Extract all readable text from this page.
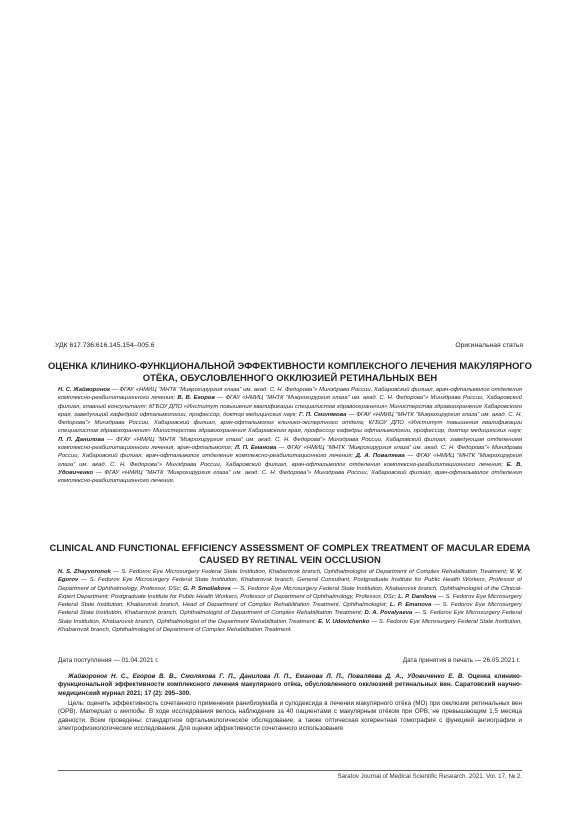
УДК 617.736:616.145.154–005.6	Оригинальная статья
ОЦЕНКА КЛИНИКО-ФУНКЦИОНАЛЬНОЙ ЭФФЕКТИВНОСТИ КОМПЛЕКСНОГО ЛЕЧЕНИЯ МАКУЛЯРНОГО ОТЁКА, ОБУСЛОВЛЕННОГО ОККЛЮЗИЕЙ РЕТИНАЛЬНЫХ ВЕН
Н. С. Жайворонок — ФГАУ «НМИЦ “МНТК “Микрохирургия глаза” им. акад. С. Н. Федорова”» Минздрава России, Хабаровский филиал, врач-офтальмолог отделения комплексно-реабилитационного лечения; В. В. Егоров — ФГАУ «НМИЦ “МНТК “Микрохирургия глаза” им. акад. С. Н. Федорова”» Минздрава России, Хабаровский филиал, главный консультант; КГБОУ ДПО «Институт повышения квалификации специалистов здравоохранения» Министерства здравоохранения Хабаровского края, заведующий кафедрой офтальмологии, профессор, доктор медицинских наук; Г. П. Смолякова — ФГАУ «НМИЦ “МНТК “Микрохирургия глаза” им. акад. С. Н. Федорова”» Минздрава России, Хабаровский филиал, врач-офтальмолог клинико-экспертного отдела; КГБОУ ДПО «Институт повышения квалификации специалистов здравоохранения» Министерства здравоохранения Хабаровского края, профессор кафедры офтальмологии, профессор, доктор медицинских наук; Л. П. Данилова — ФГАУ «НМИЦ “МНТК “Микрохирургия глаза” им. акад. С. Н. Федорова”» Минздрава России, Хабаровский филиал, заведующая отделением комплексно-реабилитационного лечения, врач-офтальмолог; Л. П. Еманова — ФГАУ «НМИЦ “МНТК “Микрохирургия глаза” им. акад. С. Н. Федорова”» Минздрава России, Хабаровский филиал, врач-офтальмолог отделения комплексно-реабилитационного лечения; Д. А. Поваляева — ФГАУ «НМИЦ “МНТК “Микрохирургия глаза” им. акад. С. Н. Федорова”» Минздрава России, Хабаровский филиал, врач-офтальмолог отделения комплексно-реабилитационного лечения; Е. В. Удовиченко — ФГАУ «НМИЦ “МНТК “Микрохирургия глаза” им. акад. С. Н. Федорова”» Минздрава России, Хабаровский филиал, врач-офтальмолог отделения комплексно-реабилитационного лечения.
CLINICAL AND FUNCTIONAL EFFICIENCY ASSESSMENT OF COMPLEX TREATMENT OF MACULAR EDEMA CAUSED BY RETINAL VEIN OCCLUSION
N. S. Zhayvoronok — S. Fedorov Eye Microsurgery Federal State Institution, Khabarovsk branch, Ophthalmologist of Department of Complex Rehabilitation Treatment; V. V. Egorov — S. Fedorov Eye Microsurgery Federal State Institution, Khabarovsk branch, General Consultant, Postgraduate Institute for Public Health Workers, Professor of Department of Ophthalmology, Professor, DSc; G. P. Smoliakova — S. Fedorov Eye Microsurgery Federal State Institution, Khabarovsk branch, Ophthalmologist of the Clinical-Expert Department; Postgraduate Institute for Public Health Workers, Professor of Department of Ophthalmology, Professor, DSc; L. P. Danilova — S. Fedorov Eye Microsurgery Federal State Institution, Khabarovsk branch, Head of Department of Complex Rehabilitation Treatment, Ophthalmologist; L. P. Emanova — S. Fedorov Eye Microsurgery Federal State Institution, Khabarovsk branch, Ophthalmologist of Department of Complex Rehabilitation Treatment; D. A. Povalyaeva — S. Fedorov Eye Microsurgery Federal State Institution, Khabarovsk branch, Ophthalmologist of the Department Rehabilitation Treatment; E. V. Udovichenko — S. Fedorov Eye Microsurgery Federal State Institution, Khabarovsk branch, Ophthalmologist of Department of Complex Rehabilitation Treatment.
Дата поступления — 01.04.2021 г.	Дата принятия в печать — 26.05.2021 г.
Жайворонок Н. С., Егоров В. В., Смолякова Г. П., Данилова Л. П., Еманова Л. П., Поваляева Д. А., Удовиченко Е. В. Оценка клинико-функциональной эффективности комплексного лечения макулярного отёка, обусловленного окклюзией ретинальных вен. Саратовский научно-медицинский журнал 2021; 17 (2): 295–300.
Цель: оценить эффективность сочетанного применения ранибизумаба и сулодексида в лечении макулярного отёка (МО) при окклюзии ретинальных вен (ОРВ). Материал и методы. В ходе исследования велось наблюдение за 40 пациентами с макулярным отёком при ОРВ, не превышающим 1,5 месяца давности. Всем проведены: стандартное офтальмологическое обследование, а также оптическая когерентная томография с функцией ангиографии и электрофизиологические исследования. Для оценки эффективности сочетанного использования
Saratov Journal of Medical Scientific Research. 2021. Vol. 17, № 2.
